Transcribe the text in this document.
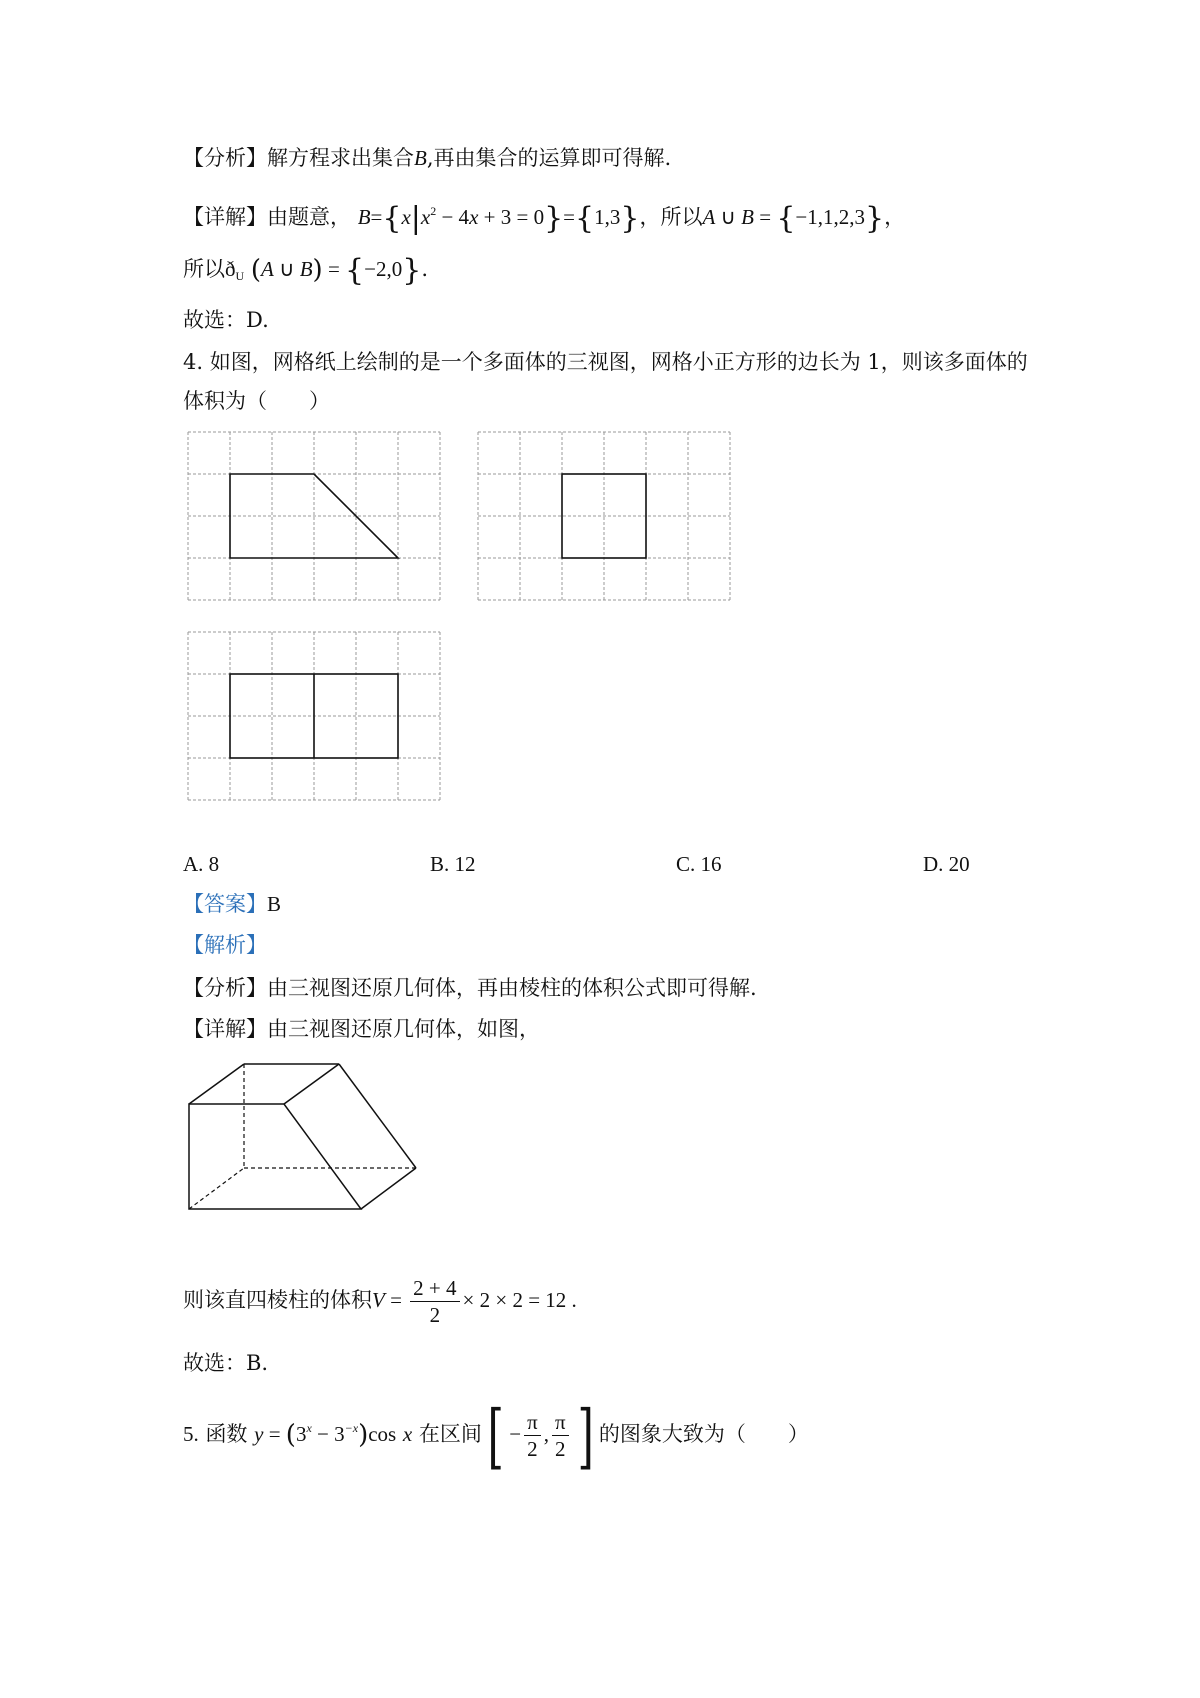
【分析】解方程求出集合B,再由集合的运算即可得解.
【详解】由题意， $B=\{x|x^2 - 4x + 3 = 0\}=\{1,3\}$，所以A ∪ B = {−1,1,2,3}，
所以$ð_U$ (A ∪ B) = {−2,0}.
故选：D.
4. 如图，网格纸上绘制的是一个多面体的三视图，网格小正方形的边长为 1，则该多面体的
体积为（　　）
A. 8	B. 12	C. 16	D. 20
【答案】B
【解析】
【分析】由三视图还原几何体，再由棱柱的体积公式即可得解.
【详解】由三视图还原几何体，如图，
则该直四棱柱的体积$V = \frac{2 + 4}{2} \times 2 \times 2 = 12$ .
故选：B.
5. 函数 $y = (3^x - 3^{-x})\cos$ x 在区间[ − $\frac{\pi}{2}$ , $\frac{\pi}{2}$ ] 的图象大致为（　　）
